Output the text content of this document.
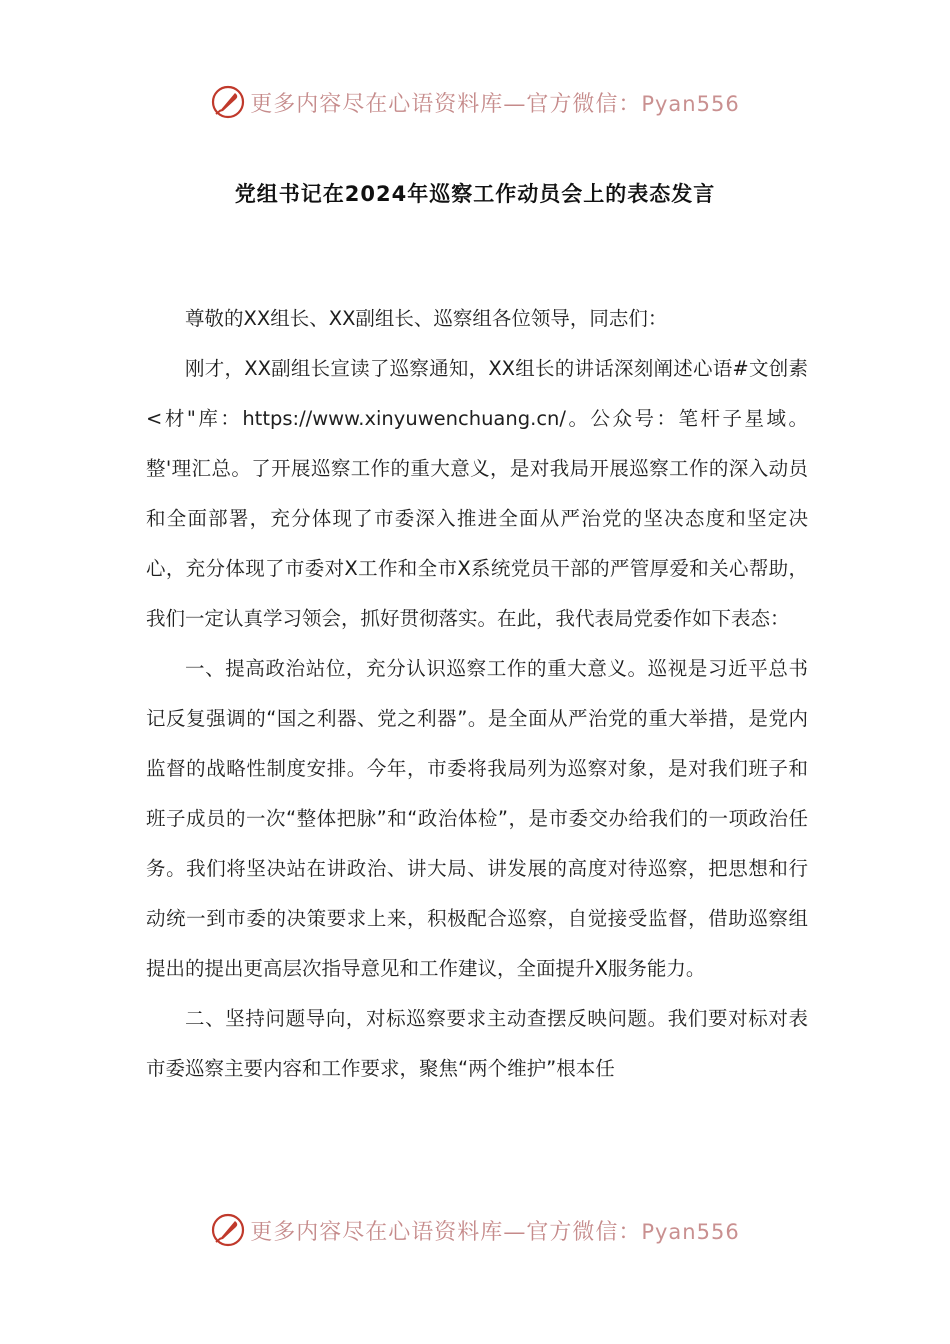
更多内容尽在心语资料库—官方微信：Pyan556
党组书记在2024年巡察工作动员会上的表态发言

尊敬的XX组长、XX副组长、巡察组各位领导，同志们：

刚才，XX副组长宣读了巡察通知，XX组长的讲话深刻阐述心语#文创素<材"库：https://www.xinyuwenchuang.cn/。公众号：笔杆子星域。整'理汇总。了开展巡察工作的重大意义，是对我局开展巡察工作的深入动员和全面部署，充分体现了市委深入推进全面从严治党的坚决态度和坚定决心，充分体现了市委对X工作和全市X系统党员干部的严管厚爱和关心帮助，我们一定认真学习领会，抓好贯彻落实。在此，我代表局党委作如下表态：

一、提高政治站位，充分认识巡察工作的重大意义。巡视是习近平总书记反复强调的“国之利器、党之利器”。是全面从严治党的重大举措，是党内监督的战略性制度安排。今年，市委将我局列为巡察对象，是对我们班子和班子成员的一次“整体把脉”和“政治体检”，是市委交办给我们的一项政治任务。我们将坚决站在讲政治、讲大局、讲发展的高度对待巡察，把思想和行动统一到市委的决策要求上来，积极配合巡察，自觉接受监督，借助巡察组提出的提出更高层次指导意见和工作建议，全面提升X服务能力。

二、坚持问题导向，对标巡察要求主动查摆反映问题。我们要对标对表市委巡察主要内容和工作要求，聚焦“两个维护”根本任

更多内容尽在心语资料库—官方微信：Pyan556
